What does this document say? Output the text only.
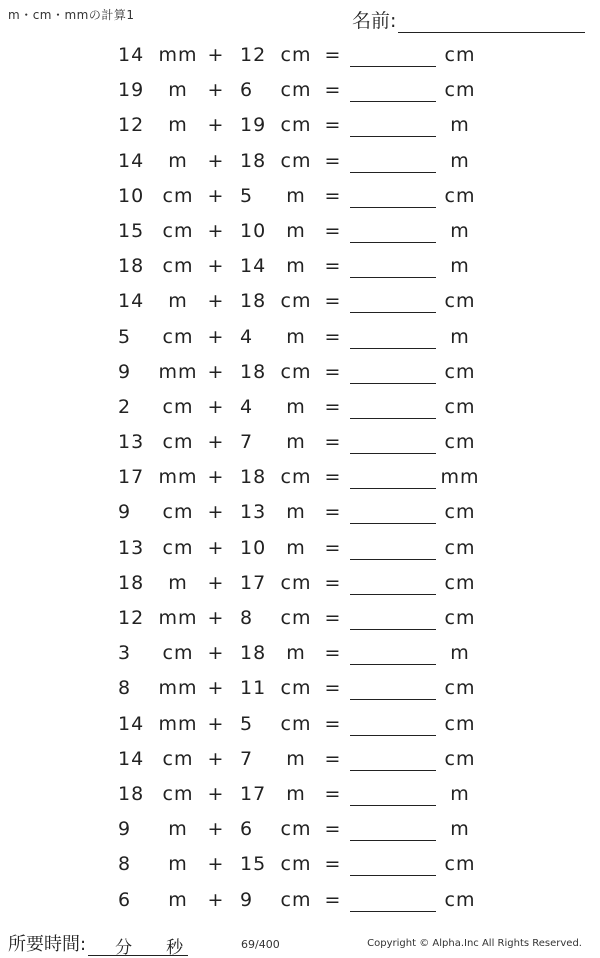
m・cm・mmの計算1	名前:
14 mm + 12 cm =	cm
19	m	+ 6	cm =	cm
12	m	+ 19 cm =	m
14	m	+ 18 cm =	m
10 cm + 5	m =	cm
15 cm + 10	m =	m
18 cm + 14	m =	m
14	m	+ 18 cm =	cm
5	cm + 4	m =	m
9	mm + 18 cm =	cm
2	cm + 4	m =	cm
13 cm + 7	m =	cm
17 mm + 18 cm =	mm
9	cm + 13	m =	cm
13 cm + 10	m =	cm
18	m	+ 17 cm =	cm
12 mm + 8	cm =	cm
3	cm + 18	m =	m
8	mm + 11 cm =	cm
14 mm + 5	cm =	cm
14 cm + 7	m =	cm
18 cm + 17	m =	m
9	m	+ 6	cm =	m
8	m	+ 15 cm =	cm
6	m	+ 9	cm =	cm
所要時間: 分 秒	69/400	Copyright © Alpha.Inc All Rights Reserved.
